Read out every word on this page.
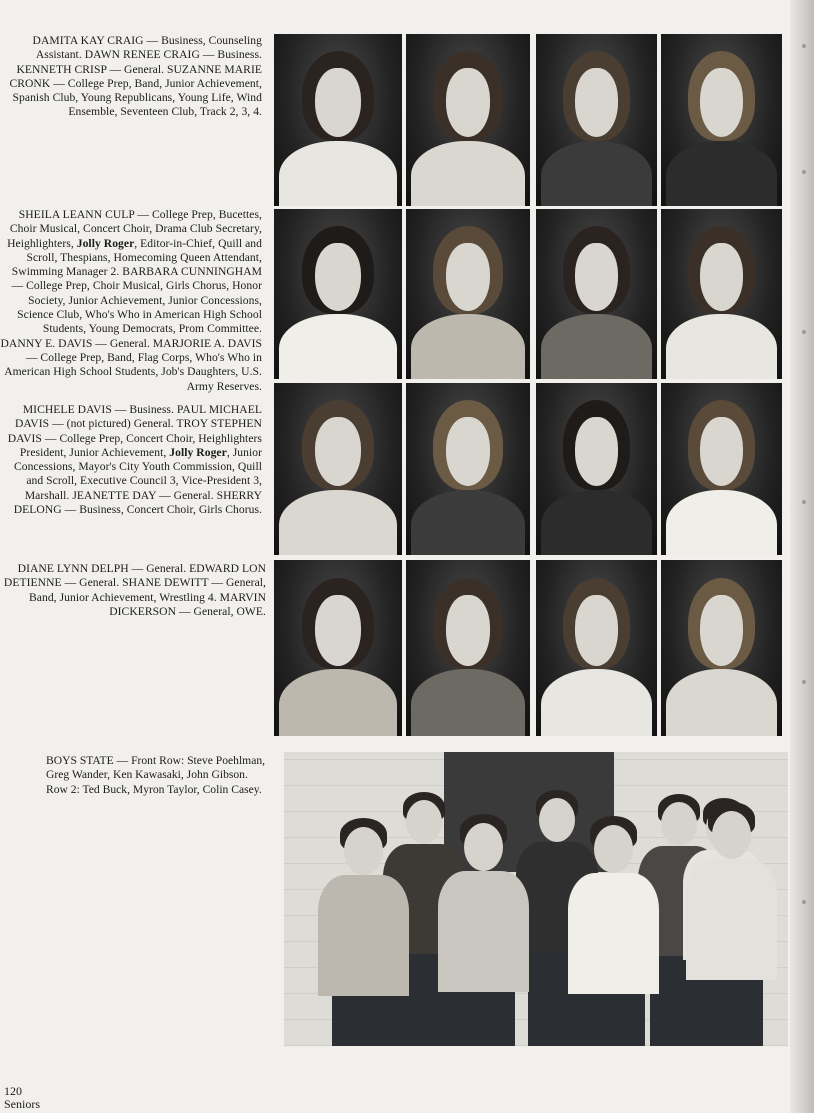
DAMITA KAY CRAIG — Business, Counseling Assistant. DAWN RENEE CRAIG — Business. KENNETH CRISP — General. SUZANNE MARIE CRONK — College Prep, Band, Junior Achievement, Spanish Club, Young Republicans, Young Life, Wind Ensemble, Seventeen Club, Track 2, 3, 4.
SHEILA LEANN CULP — College Prep, Bucettes, Choir Musical, Concert Choir, Drama Club Secretary, Heighlighters, Jolly Roger, Editor-in-Chief, Quill and Scroll, Thespians, Homecoming Queen Attendant, Swimming Manager 2. BARBARA CUNNINGHAM — College Prep, Choir Musical, Girls Chorus, Honor Society, Junior Achievement, Junior Concessions, Science Club, Who's Who in American High School Students, Young Democrats, Prom Committee. DANNY E. DAVIS — General. MARJORIE A. DAVIS — College Prep, Band, Flag Corps, Who's Who in American High School Students, Job's Daughters, U.S. Army Reserves.
MICHELE DAVIS — Business. PAUL MICHAEL DAVIS — (not pictured) General. TROY STEPHEN DAVIS — College Prep, Concert Choir, Heighlighters President, Junior Achievement, Jolly Roger, Junior Concessions, Mayor's City Youth Commission, Quill and Scroll, Executive Council 3, Vice-President 3, Marshall. JEANETTE DAY — General. SHERRY DELONG — Business, Concert Choir, Girls Chorus.
DIANE LYNN DELPH — General. EDWARD LON DETIENNE — General. SHANE DEWITT — General, Band, Junior Achievement, Wrestling 4. MARVIN DICKERSON — General, OWE.
BOYS STATE — Front Row: Steve Poehlman, Greg Wander, Ken Kawasaki, John Gibson. Row 2: Ted Buck, Myron Taylor, Colin Casey.
120
Seniors
